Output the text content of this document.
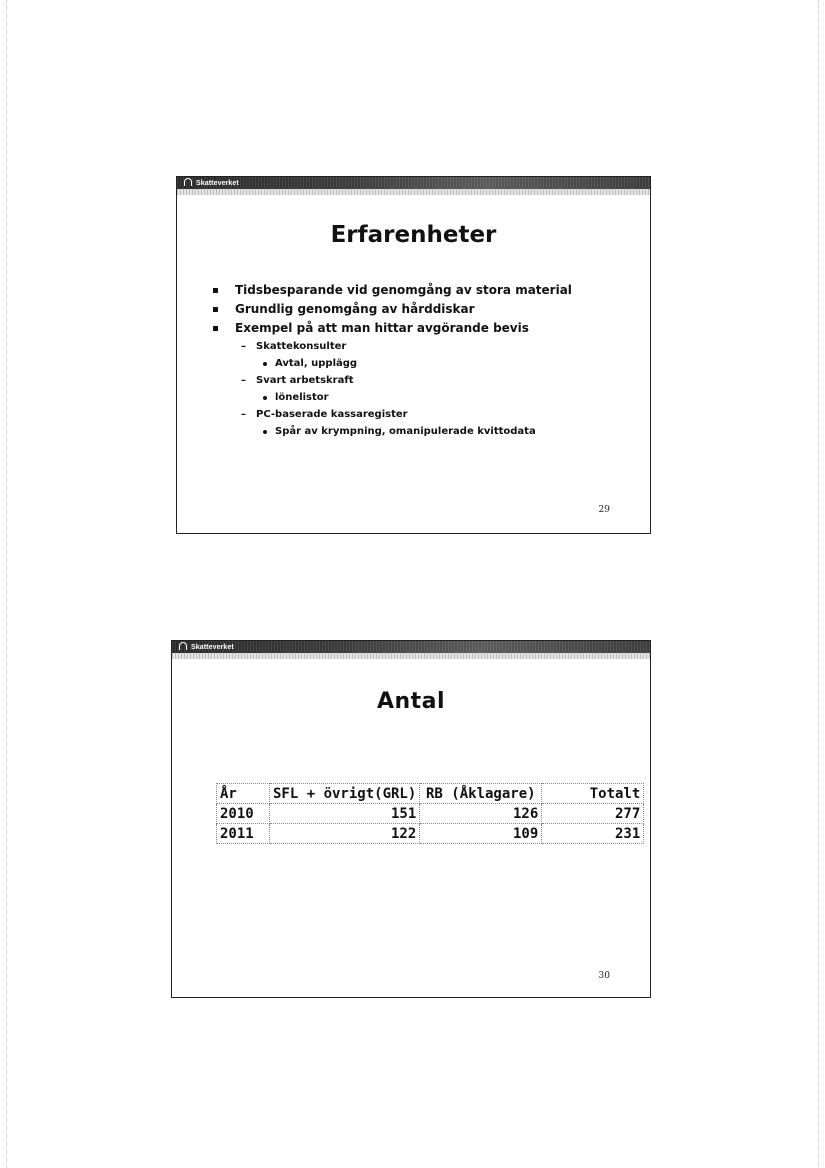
Skatteverket
Erfarenheter
Tidsbesparande vid genomgång av stora material
Grundlig genomgång av hårddiskar
Exempel på att man hittar avgörande bevis
– Skattekonsulter
Avtal, upplägg
– Svart arbetskraft
lönelistor
– PC-baserade kassaregister
Spår av krympning, omanipulerade kvittodata
29
Skatteverket
Antal
År	SFL + övrigt(GRL)	RB (Åklagare)	Totalt
2010	151	126	277
2011	122	109	231
30
